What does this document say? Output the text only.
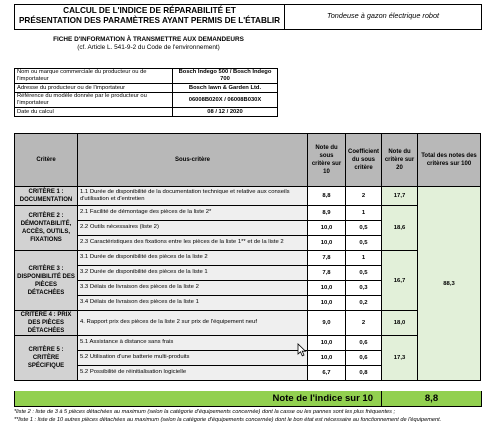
CALCUL DE L'INDICE DE RÉPARABILITÉ ET
PRÉSENTATION DES PARAMÈTRES AYANT PERMIS DE L'ÉTABLIR
Tondeuse à gazon électrique robot
FICHE D'INFORMATION À TRANSMETTRE AUX DEMANDEURS
(cf. Article L. 541-9-2 du Code de l'environnement)
Nom ou marque commerciale du producteur ou de l'importateur	Bosch Indego 500 / Bosch Indego 700
Adresse du producteur ou de l'importateur	Bosch lawn & Garden Ltd.
Référence du modèle donnée par le producteur ou l'importateur	06008B020X / 06008B030X
Date du calcul	08 / 12 / 2020
Critère	Sous-critère	Note du sous critère sur 10	Coefficient du sous critère	Note du critère sur 20	Total des notes des critères sur 100
CRITÈRE 1 : DOCUMENTATION	1.1 Durée de disponibilité de la documentation technique et relative aux conseils d'utilisation et d'entretien	8,8	2	17,7	88,3
CRITÈRE 2 : DÉMONTABILITÉ, ACCÈS, OUTILS, FIXATIONS	2.1 Facilité de démontage des pièces de la liste 2*	8,9	1	18,6	
	2.2 Outils nécessaires (liste 2)	10,0	0,5		
	2.3 Caractéristiques des fixations entre les pièces de la liste 1** et de la liste 2	10,0	0,5		
CRITÈRE 3 : DISPONIBILITÉ DES PIÈCES DÉTACHÉES	3.1 Durée de disponibilité des pièces de la liste 2	7,8	1	16,7	
	3.2 Durée de disponibilité des pièces de la liste 1	7,8	0,5		
	3.3 Délais de livraison des pièces de la liste 2	10,0	0,3		
	3.4 Délais de livraison des pièces de la liste 1	10,0	0,2		
CRITÈRE 4 : PRIX DES PIÈCES DÉTACHÉES	4. Rapport prix des pièces de la liste 2 sur prix de l'équipement neuf	9,0	2	18,0	
CRITÈRE 5 : CRITÈRE SPÉCIFIQUE	5.1 Assistance à distance sans frais	10,0	0,6	17,3	
	5.2 Utilisation d'une batterie multi-produits	10,0	0,6		
	5.2 Possibilité de réinitialisation logicielle	6,7	0,8		
Note de l'indice sur 10	8,8
*liste 2 : liste de 3 à 5 pièces détachées au maximum (selon la catégorie d'équipements concernée) dont la casse ou les pannes sont les plus fréquentes ;
**liste 1 : liste de 10 autres pièces détachées au maximum (selon la catégorie d'équipements concernée) dont le bon état est nécessaire au fonctionnement de l'équipement.
